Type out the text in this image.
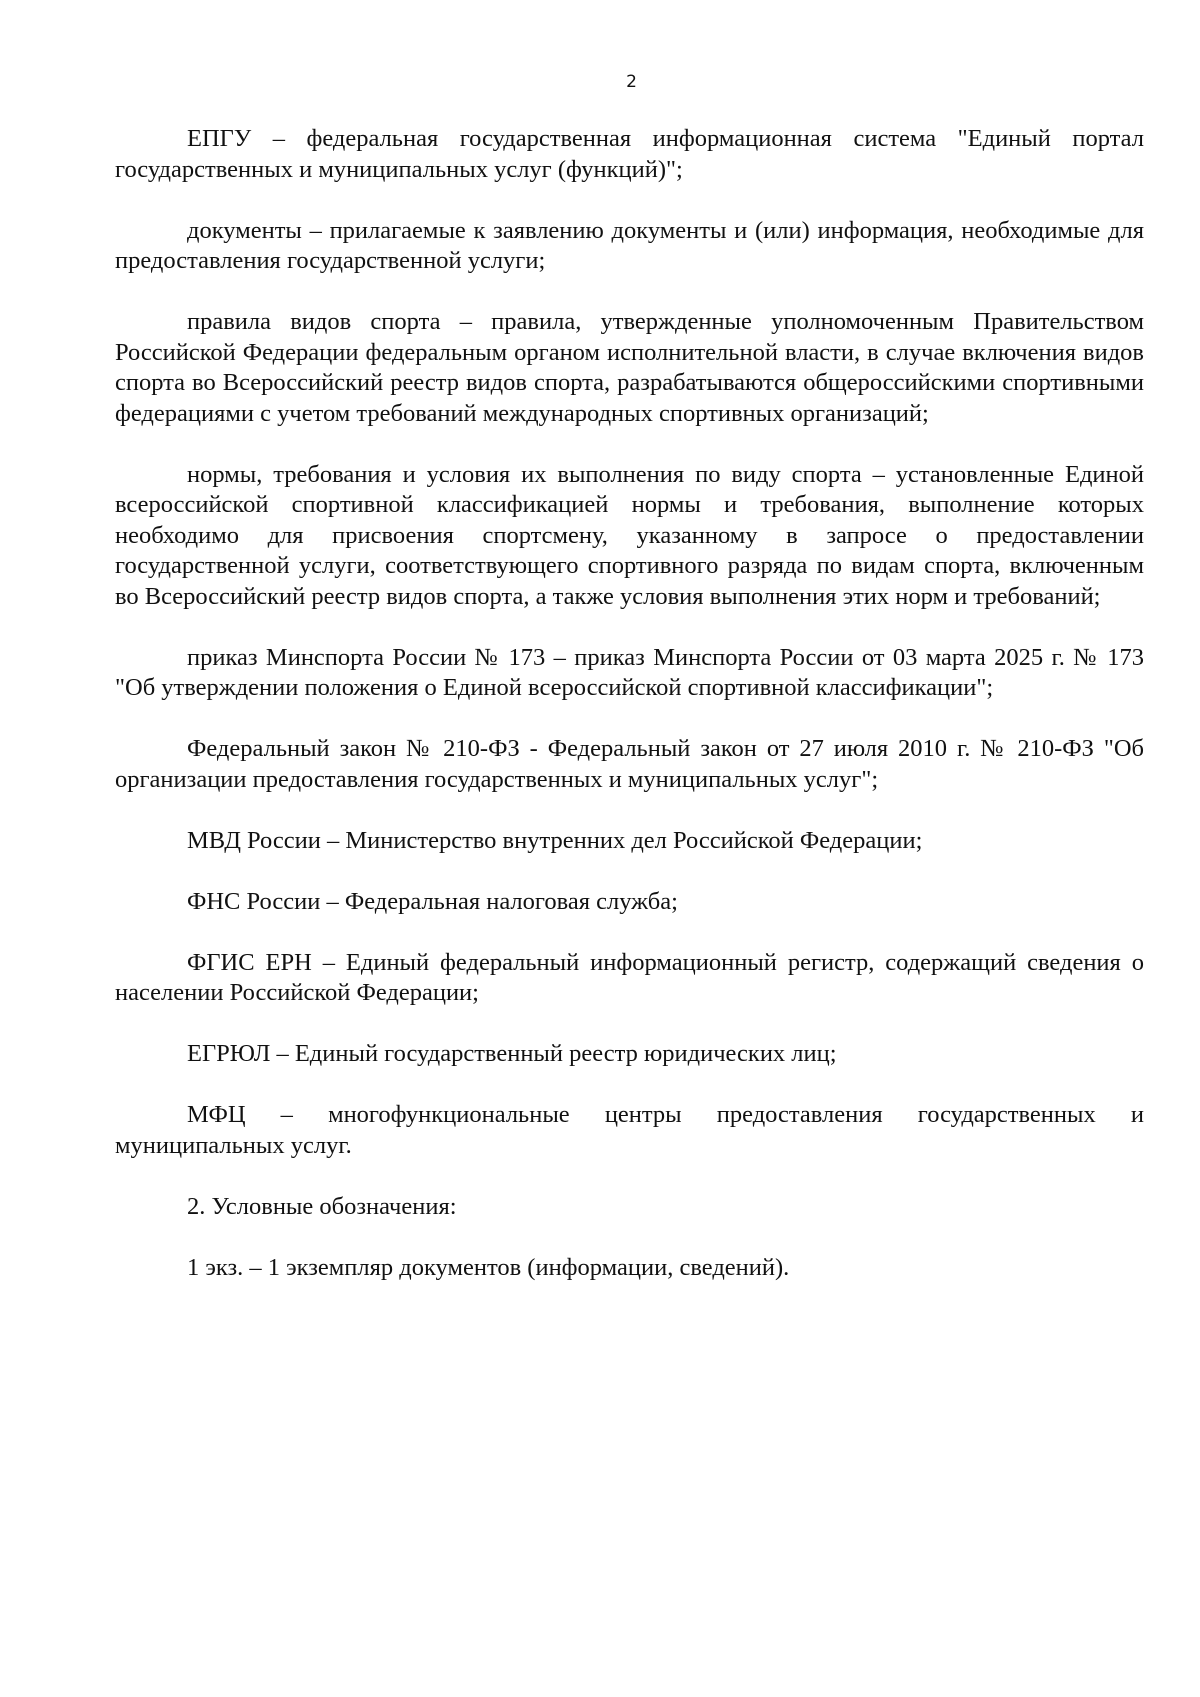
2

ЕПГУ – федеральная государственная информационная система "Единый портал государственных и муниципальных услуг (функций)";

документы – прилагаемые к заявлению документы и (или) информация, необходимые для предоставления государственной услуги;

правила видов спорта – правила, утвержденные уполномоченным Правительством Российской Федерации федеральным органом исполнительной власти, в случае включения видов спорта во Всероссийский реестр видов спорта, разрабатываются общероссийскими спортивными федерациями с учетом требований международных спортивных организаций;

нормы, требования и условия их выполнения по виду спорта – установленные Единой всероссийской спортивной классификацией нормы и требования, выполнение которых необходимо для присвоения спортсмену, указанному в запросе о предоставлении государственной услуги, соответствующего спортивного разряда по видам спорта, включенным во Всероссийский реестр видов спорта, а также условия выполнения этих норм и требований;

приказ Минспорта России № 173 – приказ Минспорта России от 03 марта 2025 г. № 173 "Об утверждении положения о Единой всероссийской спортивной классификации";

Федеральный закон № 210-ФЗ - Федеральный закон от 27 июля 2010 г. № 210-ФЗ "Об организации предоставления государственных и муниципальных услуг";

МВД России – Министерство внутренних дел Российской Федерации;

ФНС России – Федеральная налоговая служба;

ФГИС ЕРН – Единый федеральный информационный регистр, содержащий сведения о населении Российской Федерации;

ЕГРЮЛ – Единый государственный реестр юридических лиц;

МФЦ – многофункциональные центры предоставления государственных и муниципальных услуг.

2. Условные обозначения:

1 экз. – 1 экземпляр документов (информации, сведений).
